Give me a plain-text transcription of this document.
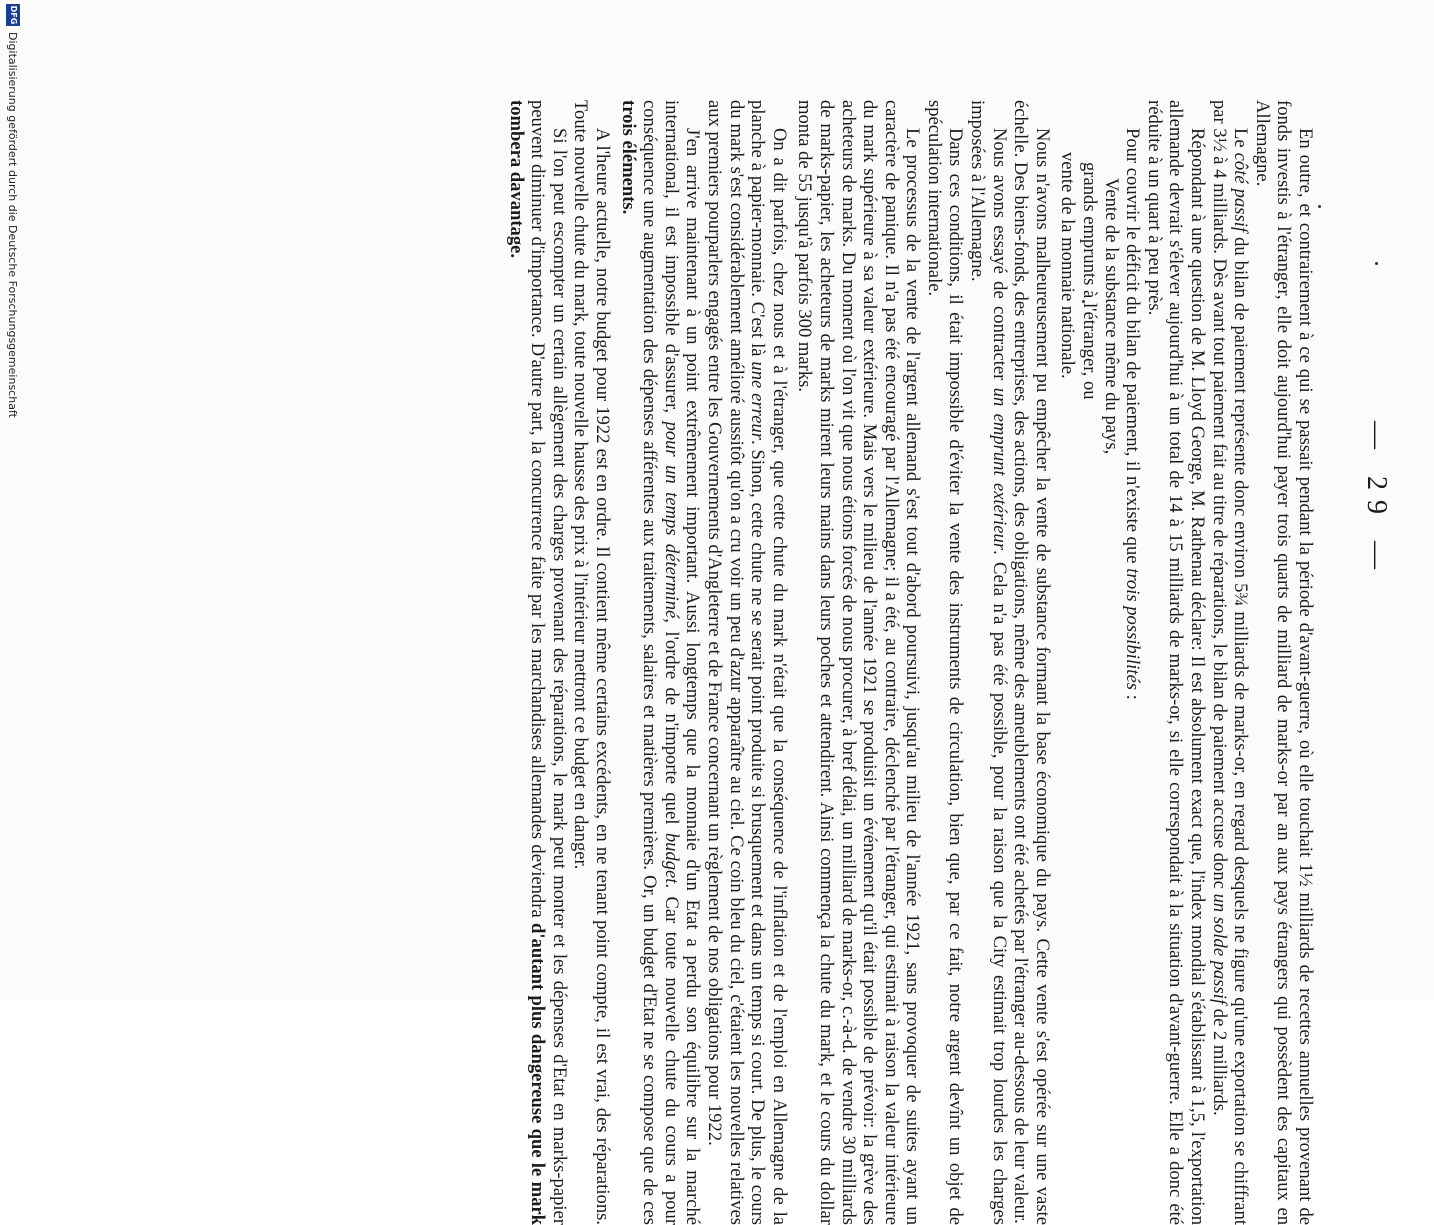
— 29 —

En outre, et contrairement à ce qui se passait pendant la période d'avant-guerre, où elle touchait 1½ milliards de recettes annuelles provenant de fonds investis à l'étranger, elle doit aujourd'hui payer trois quarts de milliard de marks-or par an aux pays étrangers qui possèdent des capitaux en Allemagne.

Le côté passif du bilan de paiement représente donc environ 5¾ milliards de marks-or, en regard desquels ne figure qu'une exportation se chiffrant par 3½ à 4 milliards. Dès avant tout paiement fait au titre de réparations, le bilan de paiement accuse donc un solde passif de 2 milliards.

Répondant à une question de M. Lloyd George, M. Rathenau déclare: Il est absolument exact que, l'index mondial s'établissant à 1,5, l'exportation allemande devrait s'élever aujourd'hui à un total de 14 à 15 milliards de marks-or, si elle correspondait à la situation d'avant-guerre. Elle a donc été réduite à un quart à peu près.

Pour couvrir le déficit du bilan de paiement, il n'existe que trois possibilités :

Vente de la substance même du pays,
grands emprunts à l'étranger, ou
vente de la monnaie nationale.

Nous n'avons malheureusement pu empêcher la vente de substance formant la base économique du pays. Cette vente s'est opérée sur une vaste échelle. Des biens-fonds, des entreprises, des actions, des obligations, même des ameublements ont été achetés par l'étranger au-dessous de leur valeur.

Nous avons essayé de contracter un emprunt extérieur. Cela n'a pas été possible, pour la raison que la City estimait trop lourdes les charges imposées à l'Allemagne.

Dans ces conditions, il était impossible d'éviter la vente des instruments de circulation, bien que, par ce fait, notre argent devînt un objet de spéculation internationale.

Le processus de la vente de l'argent allemand s'est tout d'abord poursuivi, jusqu'au milieu de l'année 1921, sans provoquer de suites ayant un caractère de panique. Il n'a pas été encouragé par l'Allemagne; il a été, au contraire, déclenché par l'étranger, qui estimait à raison la valeur intérieure du mark supérieure à sa valeur extérieure. Mais vers le milieu de l'année 1921 se produisit un événement qu'il était possible de prévoir: la grève des acheteurs de marks. Du moment où l'on vit que nous étions forcés de nous procurer, à bref délai, un milliard de marks-or, c.-à-d. de vendre 30 milliards de marks-papier, les acheteurs de marks mirent leurs mains dans leurs poches et attendirent. Ainsi commença la chute du mark, et le cours du dollar monta de 55 jusqu'à parfois 300 marks.

On a dit parfois, chez nous et à l'étranger, que cette chute du mark n'était que la conséquence de l'inflation et de l'emploi en Allemagne de la planche à papier-monnaie. C'est là une erreur. Sinon, cette chute ne se serait point produite si brusquement et dans un temps si court. De plus, le cours du mark s'est considérablement amélioré aussitôt qu'on a cru voir un peu d'azur apparaître au ciel. Ce coin bleu du ciel, c'étaient les nouvelles relatives aux premiers pourparlers engagés entre les Gouvernements d'Angleterre et de France concernant un règlement de nos obligations pour 1922.

J'en arrive maintenant à un point extrêmement important. Aussi longtemps que la monnaie d'un Etat a perdu son équilibre sur la marché international, il est impossible d'assurer, pour un temps déterminé, l'ordre de n'importe quel budget. Car toute nouvelle chute du cours a pour conséquence une augmentation des dépenses afférentes aux traitements, salaires et matières premières. Or, un budget d'Etat ne se compose que de ces trois éléments.

A l'heure actuelle, notre budget pour 1922 est en ordre. Il contient même certains excédents, en ne tenant point compte, il est vrai, des réparations. Toute nouvelle chute du mark, toute nouvelle hausse des prix à l'intérieur mettront ce budget en danger.

Si l'on peut escompter un certain allègement des charges provenant des réparations, le mark peut monter et les dépenses d'Etat en marks-papier peuvent diminuer d'importance. D'autre part, la concurrence faite par les marchandises allemandes deviendra d'autant plus dangereuse que le mark tombera davantage.

DFG
Digitalisierung gefördert durch die Deutsche Forschungsgemeinschaft
